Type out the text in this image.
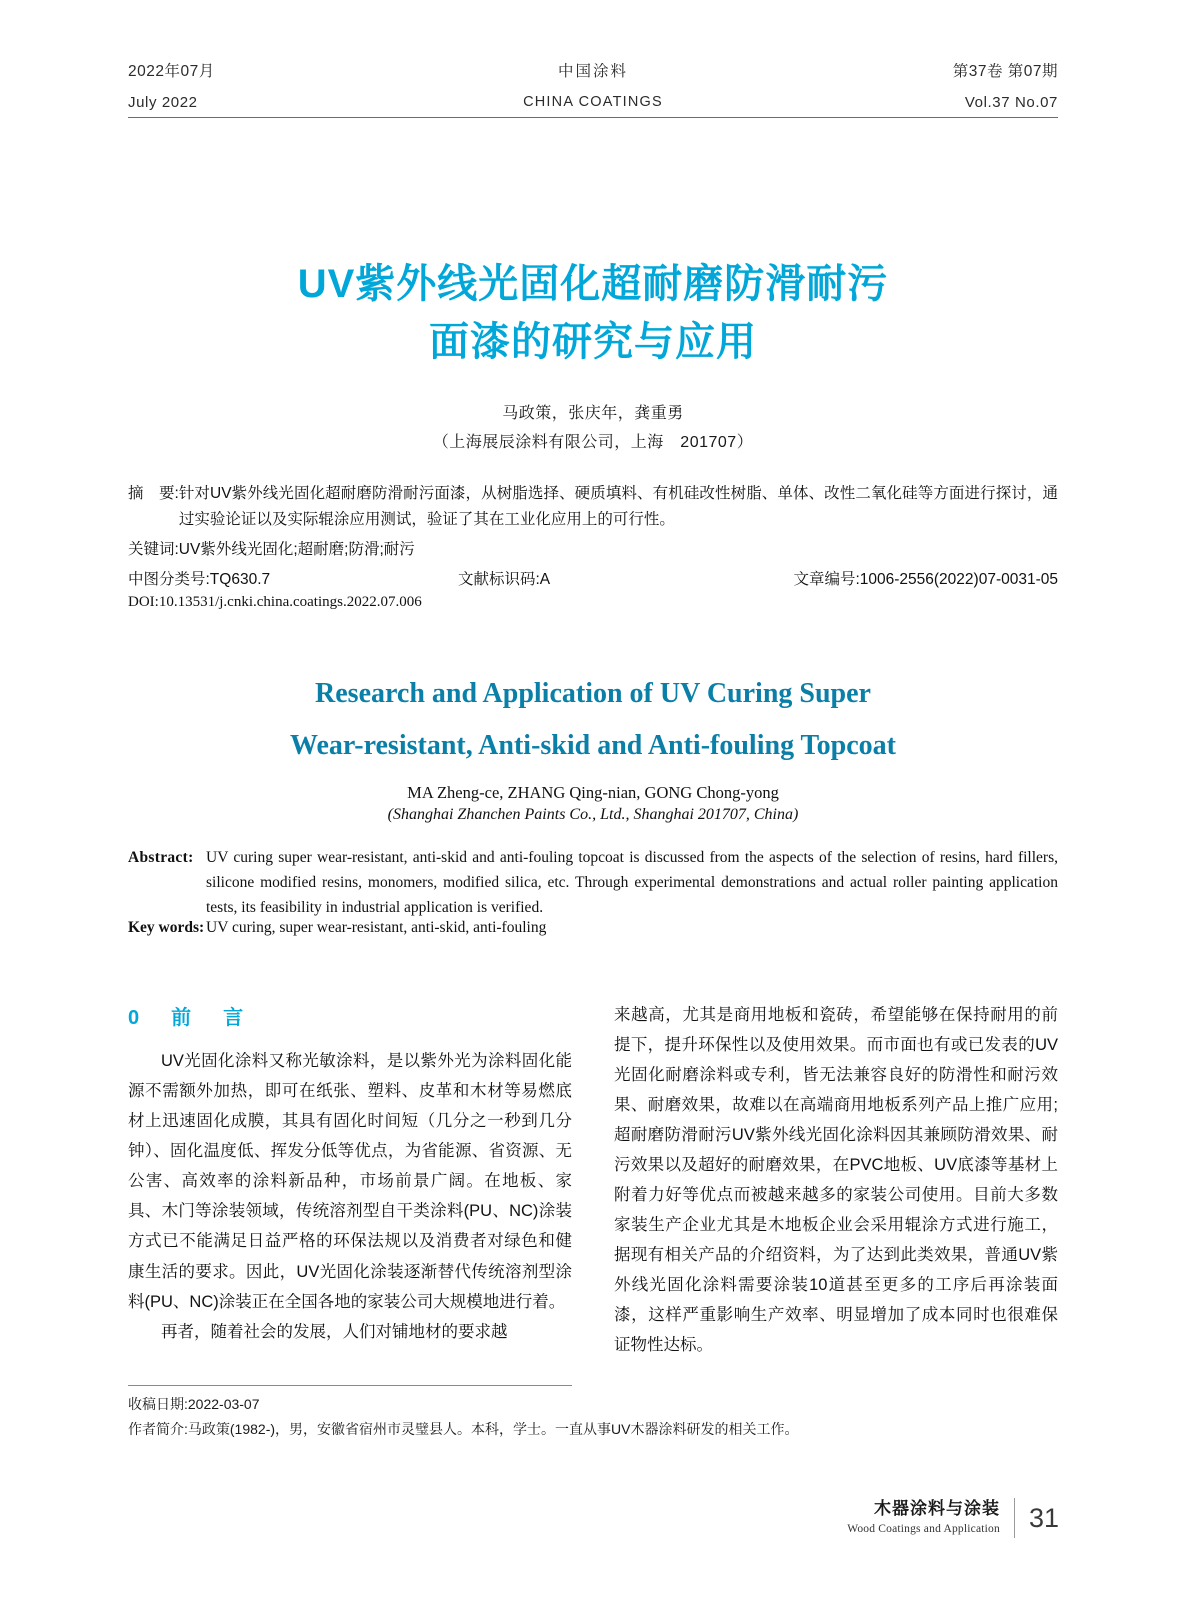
2022年07月
July 2022
中国涂料
CHINA COATINGS
第37卷 第07期
Vol.37 No.07
UV紫外线光固化超耐磨防滑耐污
面漆的研究与应用
马政策，张庆年，龚重勇
（上海展辰涂料有限公司，上海　201707）
摘　要: 针对UV紫外线光固化超耐磨防滑耐污面漆，从树脂选择、硬质填料、有机硅改性树脂、单体、改性二氧化硅等方面进行探讨，通过实验论证以及实际辊涂应用测试，验证了其在工业化应用上的可行性。
关键词:UV紫外线光固化;超耐磨;防滑;耐污
中图分类号:TQ630.7	文献标识码:A	文章编号:1006-2556(2022)07-0031-05
DOI:10.13531/j.cnki.china.coatings.2022.07.006
Research and Application of UV Curing Super
Wear-resistant, Anti-skid and Anti-fouling Topcoat
MA Zheng-ce, ZHANG Qing-nian, GONG Chong-yong
(Shanghai Zhanchen Paints Co., Ltd., Shanghai 201707, China)
Abstract: UV curing super wear-resistant, anti-skid and anti-fouling topcoat is discussed from the aspects of the selection of resins, hard fillers, silicone modified resins, monomers, modified silica, etc. Through experimental demonstrations and actual roller painting application tests, its feasibility in industrial application is verified.
Key words: UV curing, super wear-resistant, anti-skid, anti-fouling
0　前　言

UV光固化涂料又称光敏涂料，是以紫外光为涂料固化能源不需额外加热，即可在纸张、塑料、皮革和木材等易燃底材上迅速固化成膜，其具有固化时间短（几分之一秒到几分钟）、固化温度低、挥发分低等优点，为省能源、省资源、无公害、高效率的涂料新品种，市场前景广阔。在地板、家具、木门等涂装领域，传统溶剂型自干类涂料(PU、NC)涂装方式已不能满足日益严格的环保法规以及消费者对绿色和健康生活的要求。因此，UV光固化涂装逐渐替代传统溶剂型涂料(PU、NC)涂装正在全国各地的家装公司大规模地进行着。

再者，随着社会的发展，人们对铺地材的要求越

来越高，尤其是商用地板和瓷砖，希望能够在保持耐用的前提下，提升环保性以及使用效果。而市面也有或已发表的UV光固化耐磨涂料或专利，皆无法兼容良好的防滑性和耐污效果、耐磨效果，故难以在高端商用地板系列产品上推广应用;超耐磨防滑耐污UV紫外线光固化涂料因其兼顾防滑效果、耐污效果以及超好的耐磨效果，在PVC地板、UV底漆等基材上附着力好等优点而被越来越多的家装公司使用。目前大多数家装生产企业尤其是木地板企业会采用辊涂方式进行施工，据现有相关产品的介绍资料，为了达到此类效果，普通UV紫外线光固化涂料需要涂装10道甚至更多的工序后再涂装面漆，这样严重影响生产效率、明显增加了成本同时也很难保证物性达标。

收稿日期:2022-03-07
作者简介:马政策(1982-)，男，安徽省宿州市灵璧县人。本科，学士。一直从事UV木器涂料研发的相关工作。
木器涂料与涂装
Wood Coatings and Application 31
